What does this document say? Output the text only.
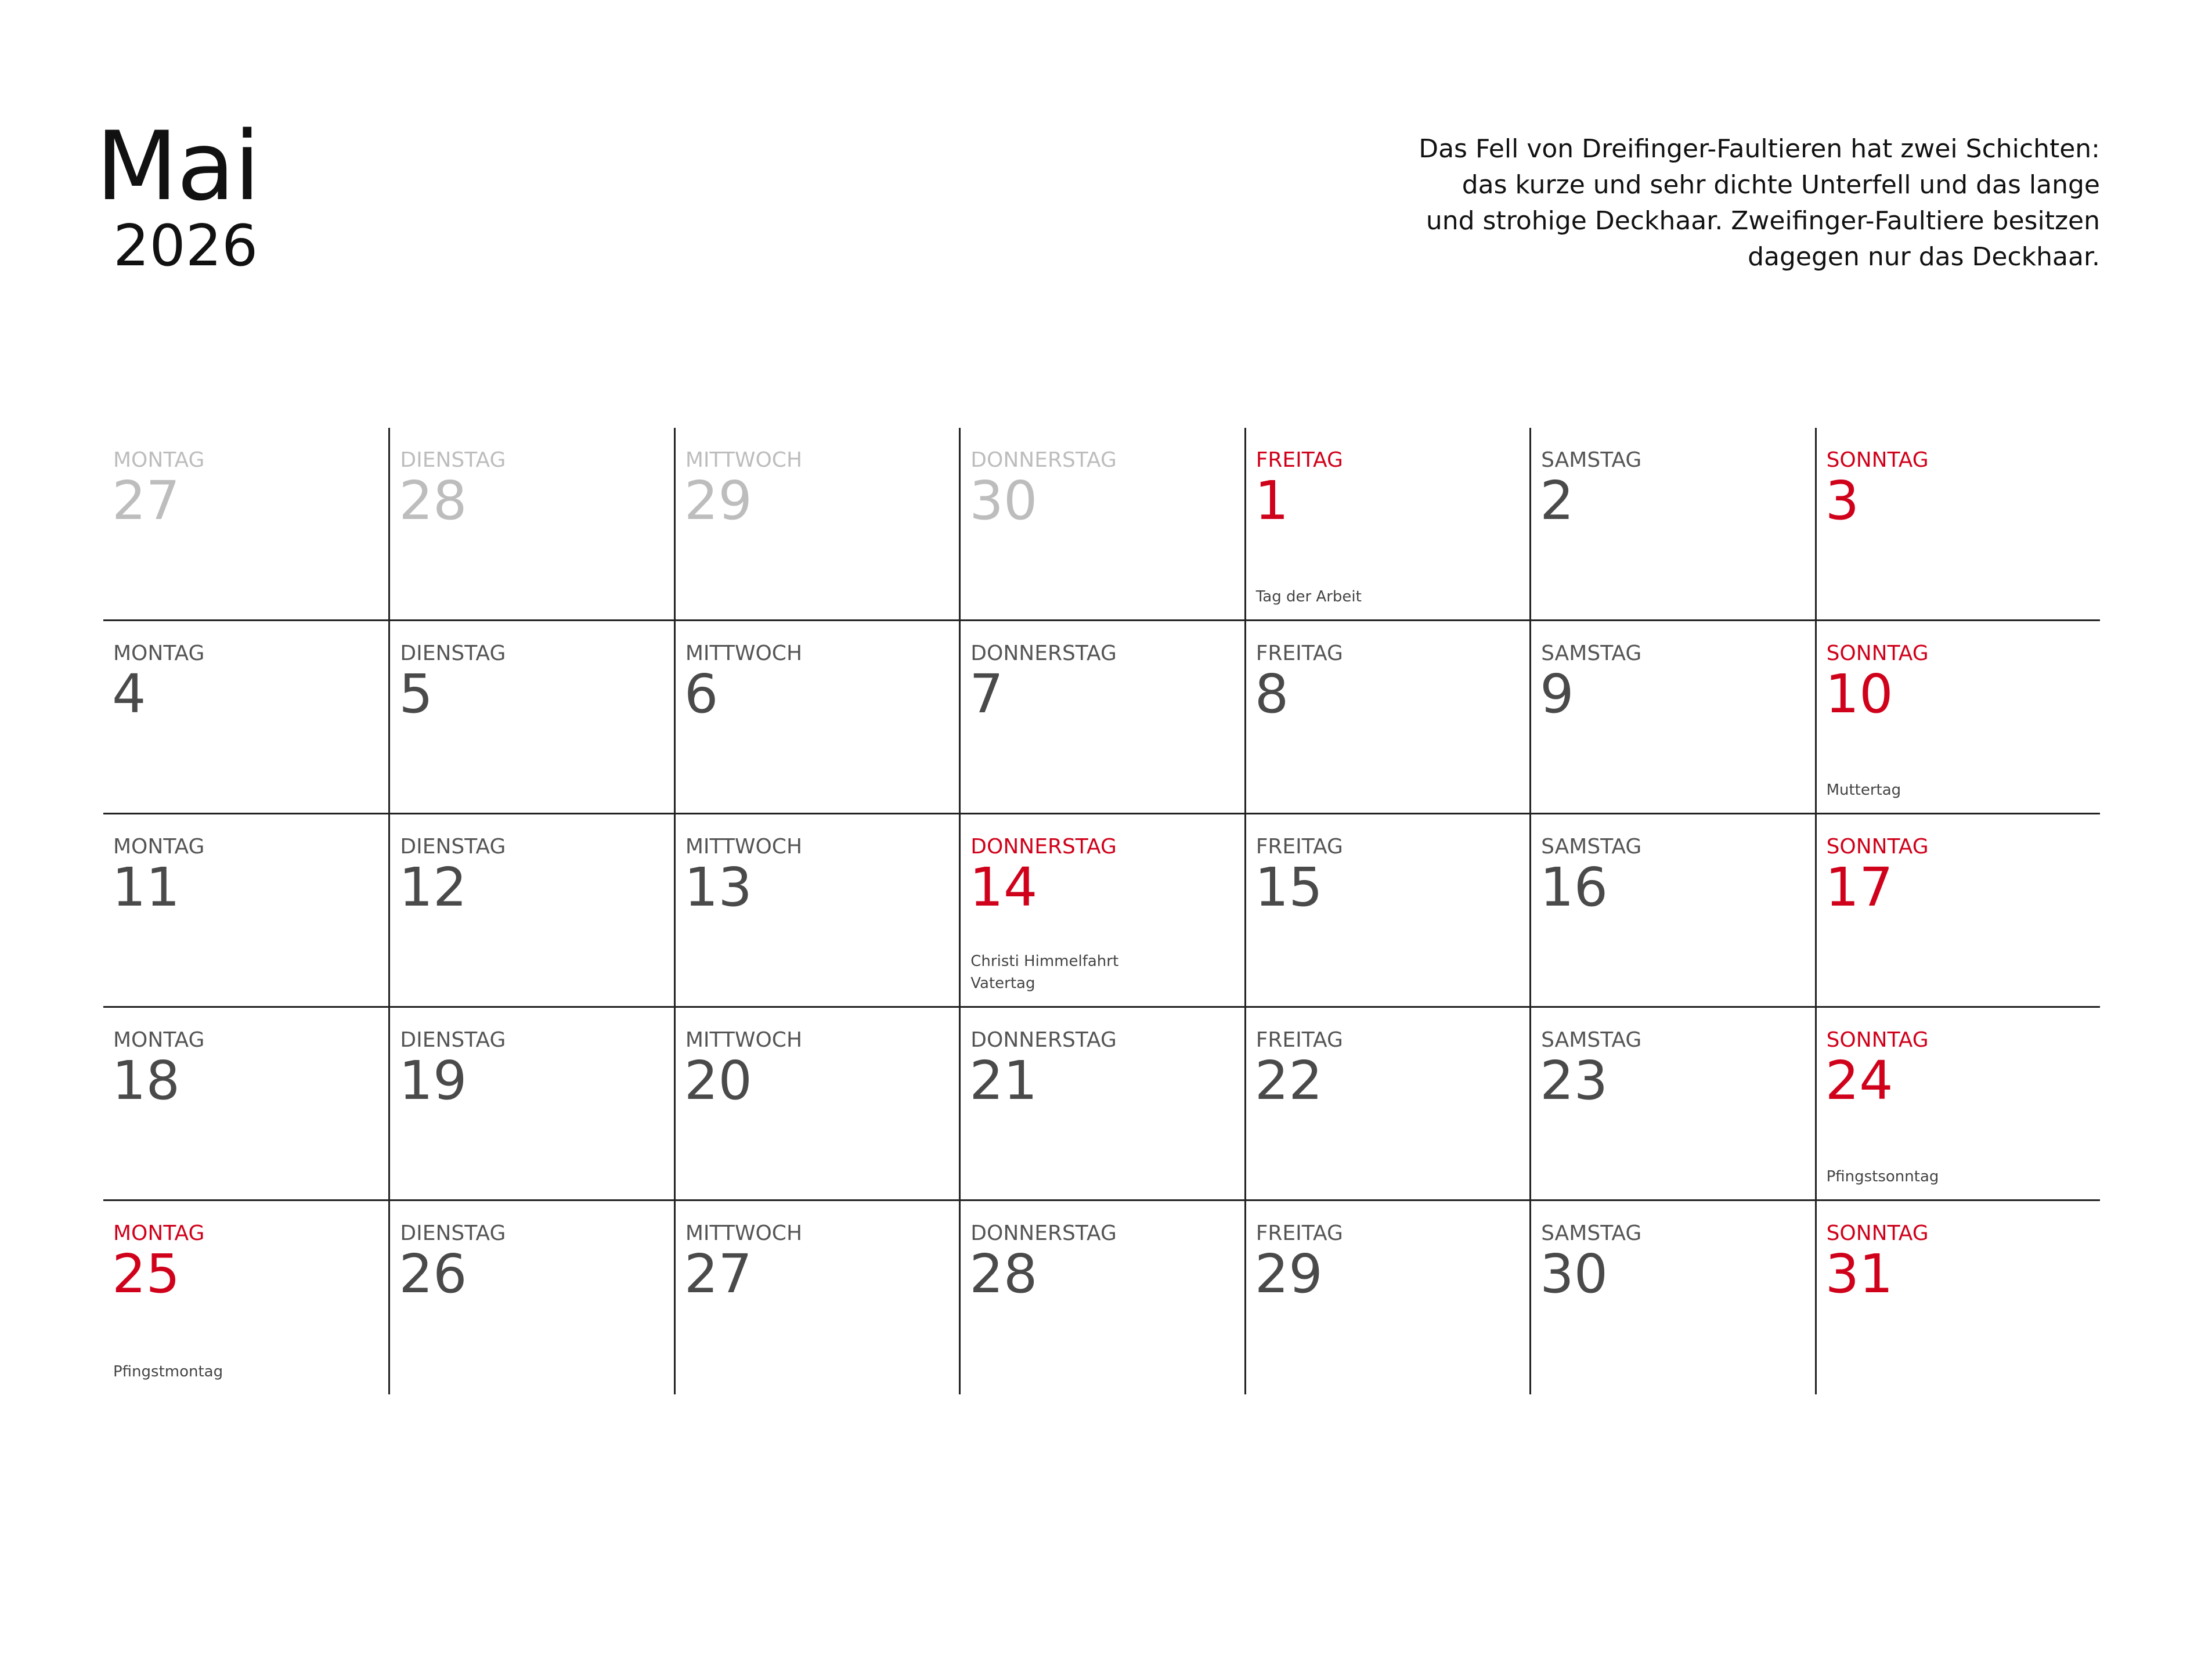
Mai
2026

Das Fell von Dreifinger-Faultieren hat zwei Schichten: das kurze und sehr dichte Unterfell und das lange und strohige Deckhaar. Zweifinger-Faultiere besitzen dagegen nur das Deckhaar.

MONTAG
27
DIENSTAG
28
MITTWOCH
29
DONNERSTAG
30
FREITAG
1
Tag der Arbeit
SAMSTAG
2
SONNTAG
3
MONTAG
4
DIENSTAG
5
MITTWOCH
6
DONNERSTAG
7
FREITAG
8
SAMSTAG
9
SONNTAG
10
Muttertag
MONTAG
11
DIENSTAG
12
MITTWOCH
13
DONNERSTAG
14
Christi Himmelfahrt
Vatertag
FREITAG
15
SAMSTAG
16
SONNTAG
17
MONTAG
18
DIENSTAG
19
MITTWOCH
20
DONNERSTAG
21
FREITAG
22
SAMSTAG
23
SONNTAG
24
Pfingstsonntag
MONTAG
25
Pfingstmontag
DIENSTAG
26
MITTWOCH
27
DONNERSTAG
28
FREITAG
29
SAMSTAG
30
SONNTAG
31
